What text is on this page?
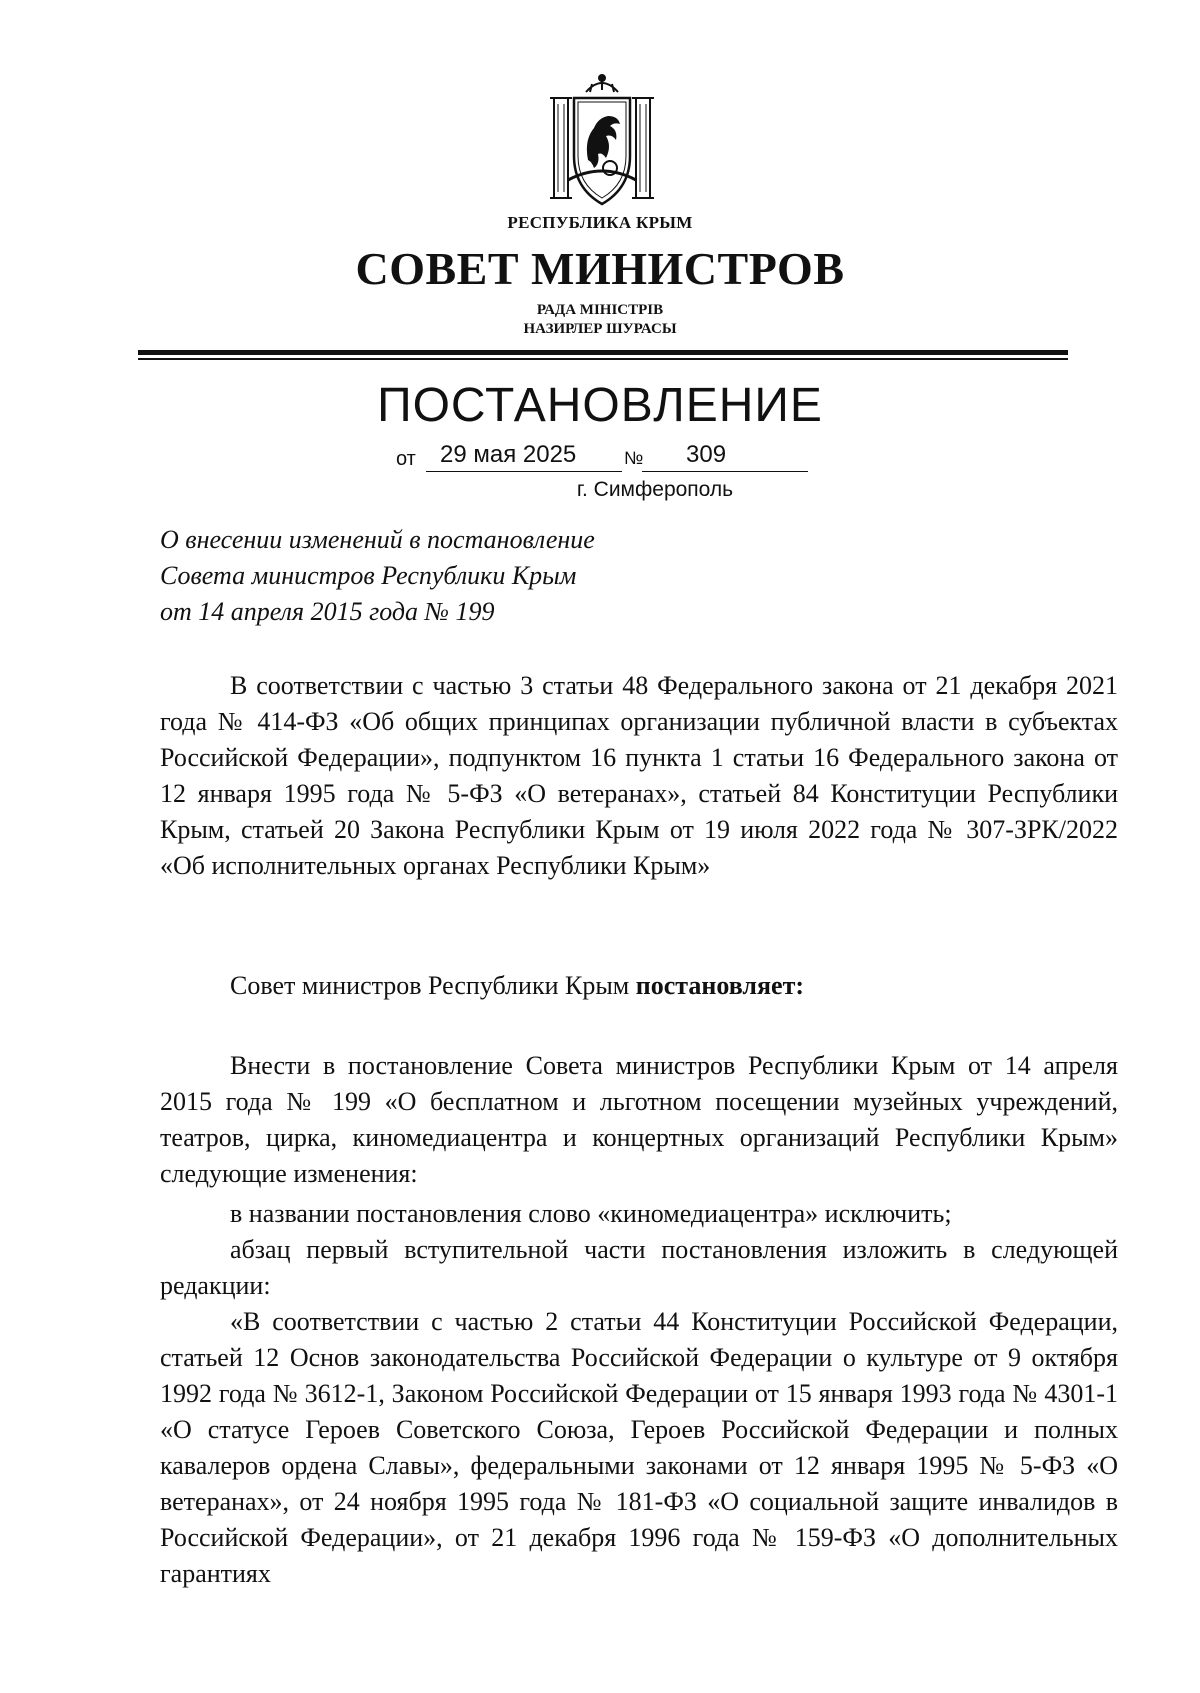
РЕСПУБЛИКА КРЫМ
СОВЕТ МИНИСТРОВ
РАДА МІНІСТРІВ
НАЗИРЛЕР ШУРАСЫ
ПОСТАНОВЛЕНИЕ
от 29 мая 2025	№ 309
г. Симферополь
О внесении изменений в постановление
Совета министров Республики Крым
от 14 апреля 2015 года № 199
В соответствии с частью 3 статьи 48 Федерального закона от 21 декабря 2021 года № 414-ФЗ «Об общих принципах организации публичной власти в субъектах Российской Федерации», подпунктом 16 пункта 1 статьи 16 Федерального закона от 12 января 1995 года № 5-ФЗ «О ветеранах», статьей 84 Конституции Республики Крым, статьей 20 Закона Республики Крым от 19 июля 2022 года № 307-ЗРК/2022 «Об исполнительных органах Республики Крым»
Совет министров Республики Крым постановляет:
Внести в постановление Совета министров Республики Крым от 14 апреля 2015 года № 199 «О бесплатном и льготном посещении музейных учреждений, театров, цирка, киномедиацентра и концертных организаций Республики Крым» следующие изменения:
в названии постановления слово «киномедиацентра» исключить;
абзац первый вступительной части постановления изложить в следующей редакции:
«В соответствии с частью 2 статьи 44 Конституции Российской Федерации, статьей 12 Основ законодательства Российской Федерации о культуре от 9 октября 1992 года № 3612-1, Законом Российской Федерации от 15 января 1993 года № 4301-1 «О статусе Героев Советского Союза, Героев Российской Федерации и полных кавалеров ордена Славы», федеральными законами от 12 января 1995 № 5-ФЗ «О ветеранах», от 24 ноября 1995 года № 181-ФЗ «О социальной защите инвалидов в Российской Федерации», от 21 декабря 1996 года № 159-ФЗ «О дополнительных гарантиях
